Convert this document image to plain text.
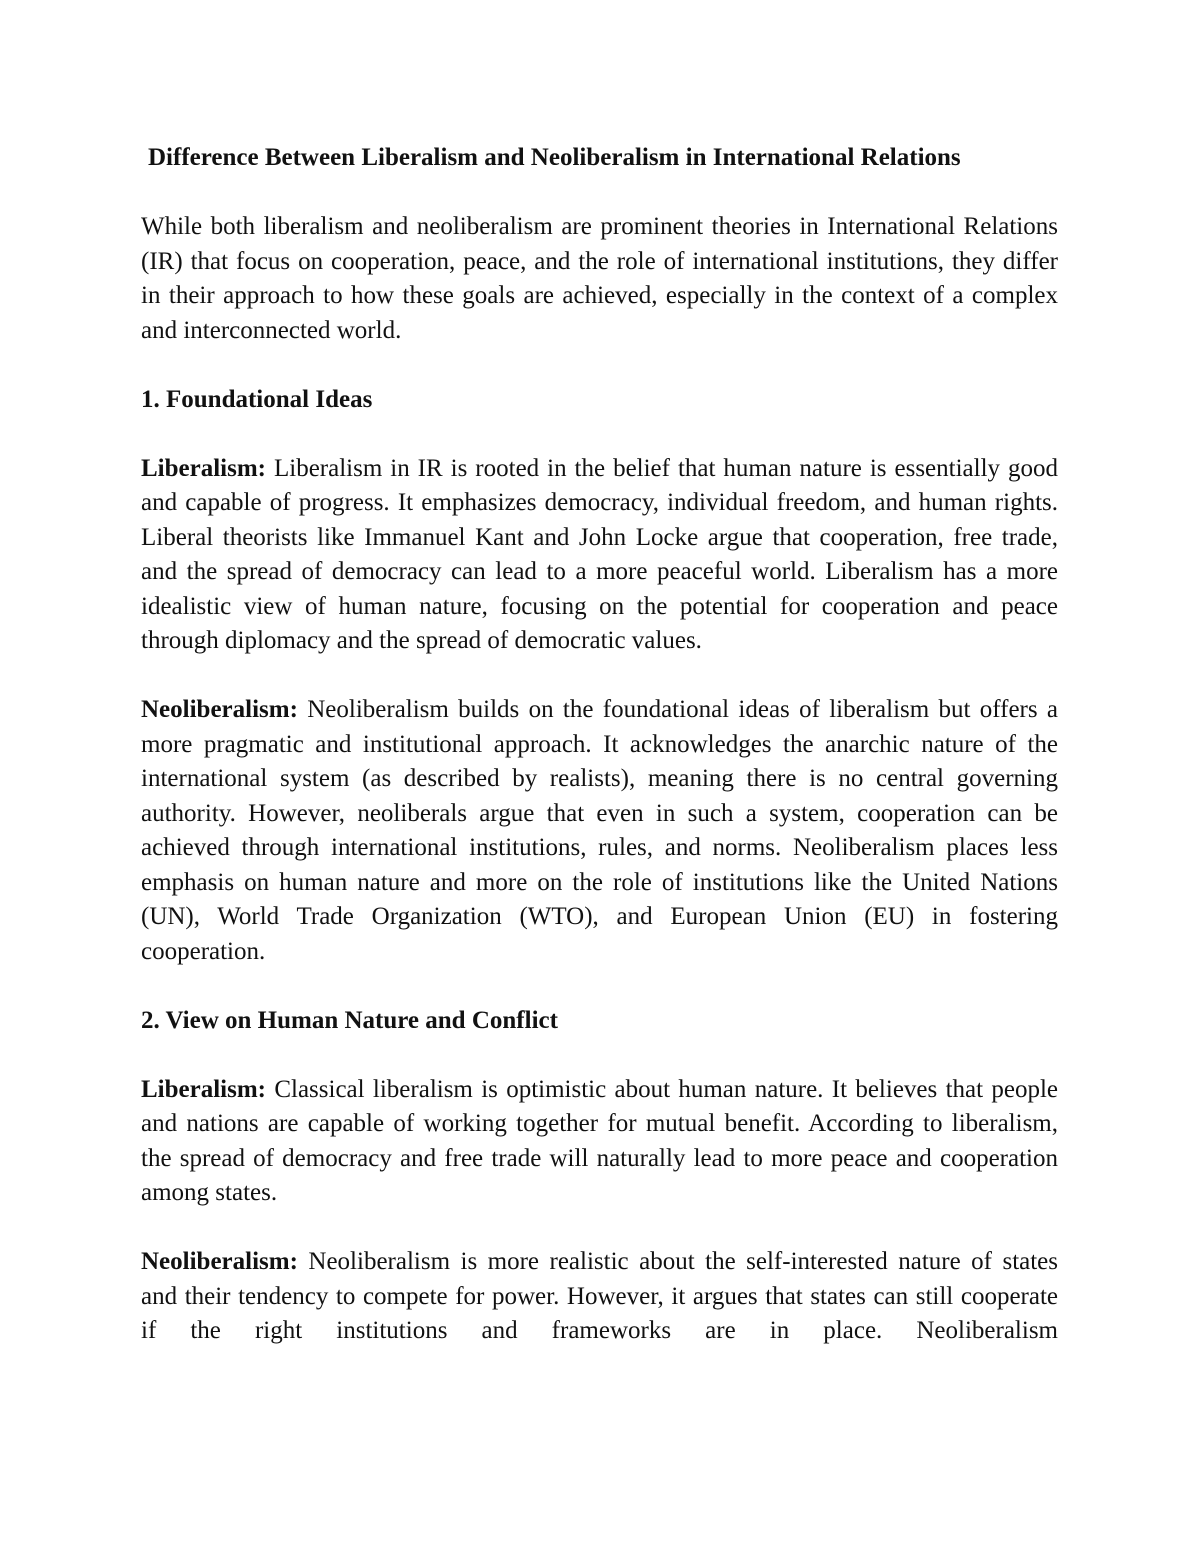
Difference Between Liberalism and Neoliberalism in International Relations

While both liberalism and neoliberalism are prominent theories in International Relations (IR) that focus on cooperation, peace, and the role of international institutions, they differ in their approach to how these goals are achieved, especially in the context of a complex and interconnected world.

1. Foundational Ideas

Liberalism: Liberalism in IR is rooted in the belief that human nature is essentially good and capable of progress. It emphasizes democracy, individual freedom, and human rights. Liberal theorists like Immanuel Kant and John Locke argue that cooperation, free trade, and the spread of democracy can lead to a more peaceful world. Liberalism has a more idealistic view of human nature, focusing on the potential for cooperation and peace through diplomacy and the spread of democratic values.

Neoliberalism: Neoliberalism builds on the foundational ideas of liberalism but offers a more pragmatic and institutional approach. It acknowledges the anarchic nature of the international system (as described by realists), meaning there is no central governing authority. However, neoliberals argue that even in such a system, cooperation can be achieved through international institutions, rules, and norms. Neoliberalism places less emphasis on human nature and more on the role of institutions like the United Nations (UN), World Trade Organization (WTO), and European Union (EU) in fostering cooperation.

2. View on Human Nature and Conflict

Liberalism: Classical liberalism is optimistic about human nature. It believes that people and nations are capable of working together for mutual benefit. According to liberalism, the spread of democracy and free trade will naturally lead to more peace and cooperation among states.

Neoliberalism: Neoliberalism is more realistic about the self-interested nature of states and their tendency to compete for power. However, it argues that states can still cooperate if the right institutions and frameworks are in place. Neoliberalism
